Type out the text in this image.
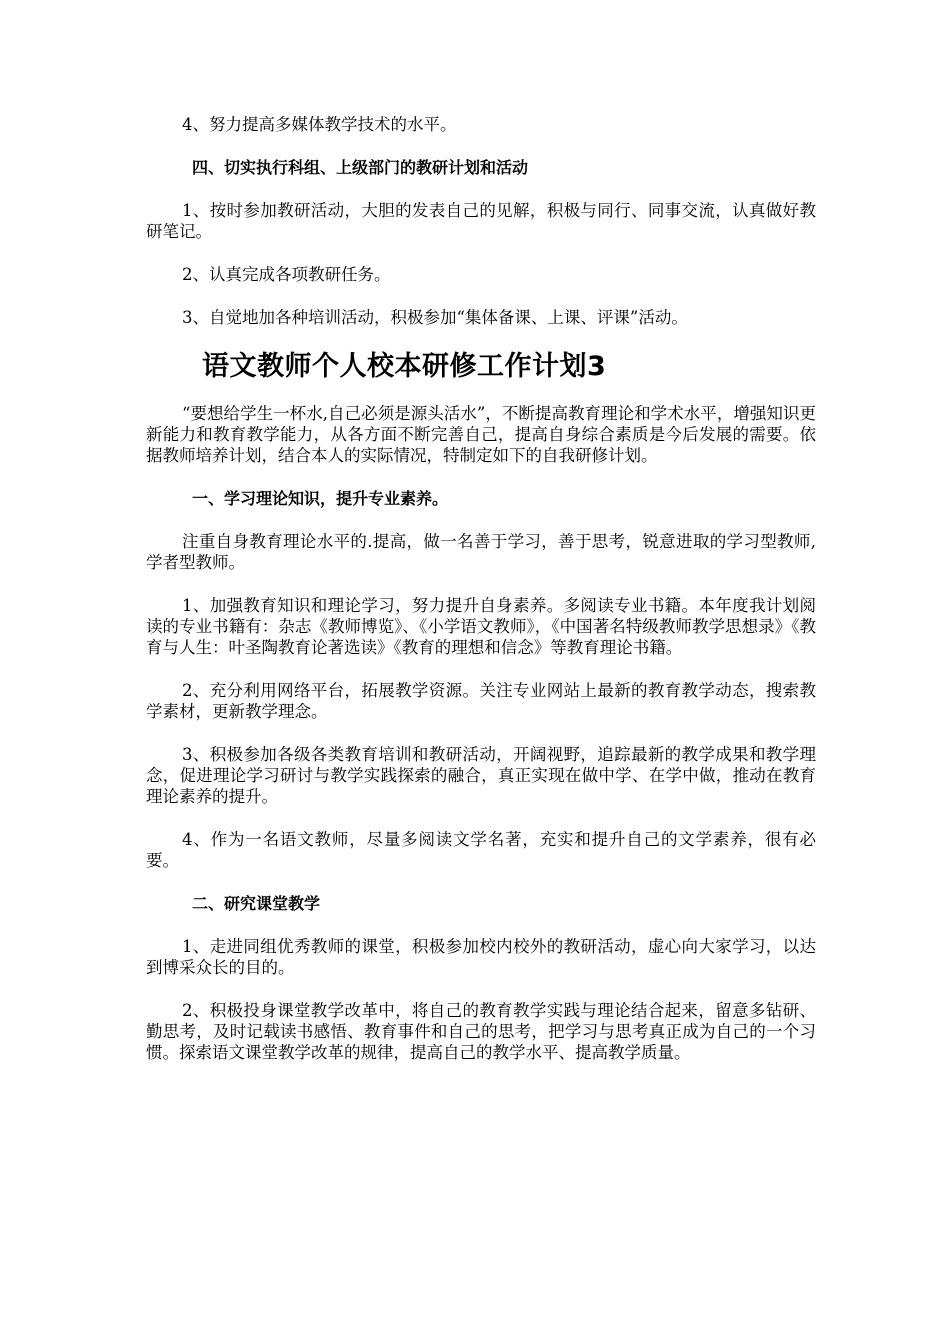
4、努力提高多媒体教学技术的水平。

四、切实执行科组、上级部门的教研计划和活动

1、按时参加教研活动，大胆的发表自己的见解，积极与同行、同事交流，认真做好教研笔记。

2、认真完成各项教研任务。

3、自觉地加各种培训活动，积极参加“集体备课、上课、评课”活动。

语文教师个人校本研修工作计划3

“要想给学生一杯水,自己必须是源头活水”，不断提高教育理论和学术水平，增强知识更新能力和教育教学能力，从各方面不断完善自己，提高自身综合素质是今后发展的需要。依据教师培养计划，结合本人的实际情况，特制定如下的自我研修计划。

一、学习理论知识，提升专业素养。

注重自身教育理论水平的.提高，做一名善于学习，善于思考，锐意进取的学习型教师,学者型教师。

1、加强教育知识和理论学习，努力提升自身素养。多阅读专业书籍。本年度我计划阅读的专业书籍有：杂志《教师博览》、《小学语文教师》，《中国著名特级教师教学思想录》《教育与人生：叶圣陶教育论著选读》《教育的理想和信念》等教育理论书籍。

2、充分利用网络平台，拓展教学资源。关注专业网站上最新的教育教学动态，搜索教学素材，更新教学理念。

3、积极参加各级各类教育培训和教研活动，开阔视野，追踪最新的教学成果和教学理念，促进理论学习研讨与教学实践探索的融合，真正实现在做中学、在学中做，推动在教育理论素养的提升。

4、作为一名语文教师，尽量多阅读文学名著，充实和提升自己的文学素养，很有必要。

二、研究课堂教学

1、走进同组优秀教师的课堂，积极参加校内校外的教研活动，虚心向大家学习，以达到博采众长的目的。

2、积极投身课堂教学改革中，将自己的教育教学实践与理论结合起来，留意多钻研、勤思考，及时记载读书感悟、教育事件和自己的思考，把学习与思考真正成为自己的一个习惯。探索语文课堂教学改革的规律，提高自己的教学水平、提高教学质量。
